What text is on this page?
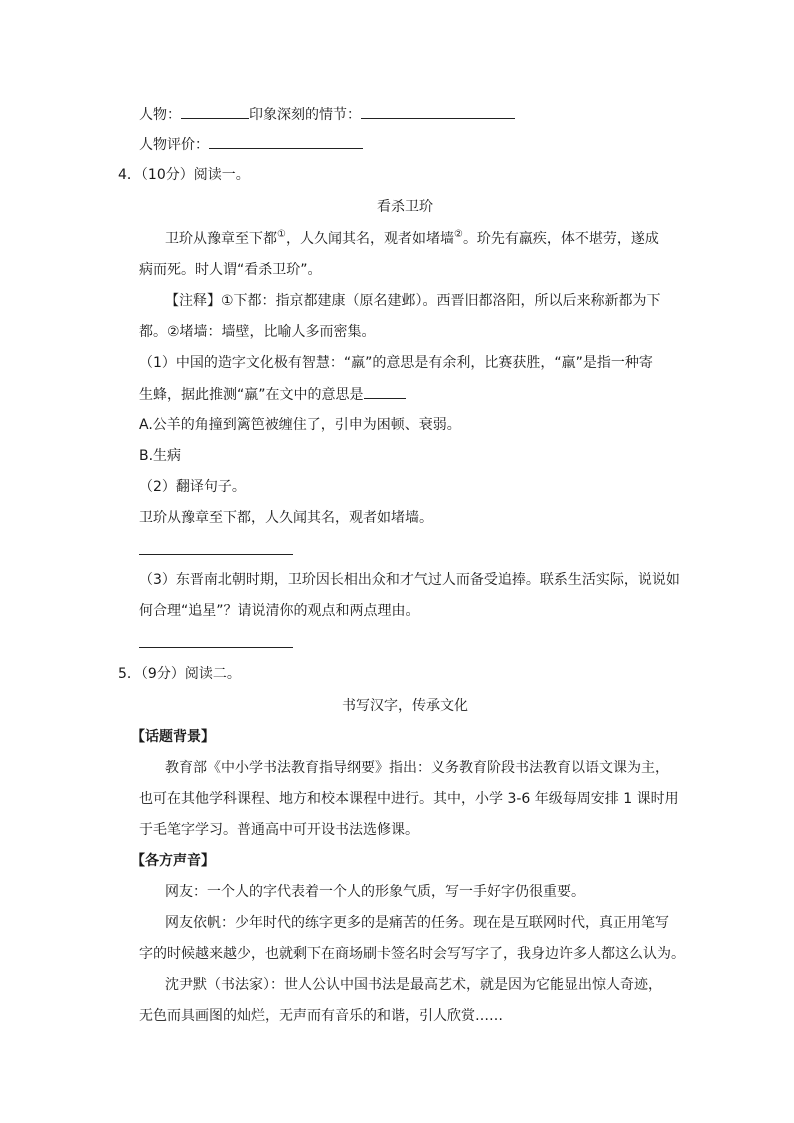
人物：	印象深刻的情节：
人物评价：
4．（10分）阅读一。
看杀卫玠
卫玠从豫章至下都①，人久闻其名，观者如堵墙②。玠先有羸疾，体不堪劳，遂成
病而死。时人谓“看杀卫玠”。
【注释】①下都：指京都建康（原名建邺）。西晋旧都洛阳，所以后来称新都为下
都。②堵墙：墙壁，比喻人多而密集。
（1）中国的造字文化极有智慧：“羸”的意思是有余利，比赛获胜，“羸”是指一种寄
生蜂，据此推测“羸”在文中的意思是
A.公羊的角撞到篱笆被缠住了，引申为困顿、衰弱。
B.生病
（2）翻译句子。
卫玠从豫章至下都，人久闻其名，观者如堵墙。
（3）东晋南北朝时期，卫玠因长相出众和才气过人而备受追捧。联系生活实际，说说如
何合理“追星”？请说清你的观点和两点理由。
5．（9分）阅读二。
书写汉字，传承文化
【话题背景】
教育部《中小学书法教育指导纲要》指出：义务教育阶段书法教育以语文课为主，
也可在其他学科课程、地方和校本课程中进行。其中，小学 3-6 年级每周安排 1 课时用
于毛笔字学习。普通高中可开设书法选修课。
【各方声音】
网友：一个人的字代表着一个人的形象气质，写一手好字仍很重要。
网友依帆：少年时代的练字更多的是痛苦的任务。现在是互联网时代，真正用笔写
字的时候越来越少，也就剩下在商场刷卡签名时会写写字了，我身边许多人都这么认为。
沈尹默（书法家）：世人公认中国书法是最高艺术，就是因为它能显出惊人奇迹，
无色而具画图的灿烂，无声而有音乐的和谐，引人欣赏……
